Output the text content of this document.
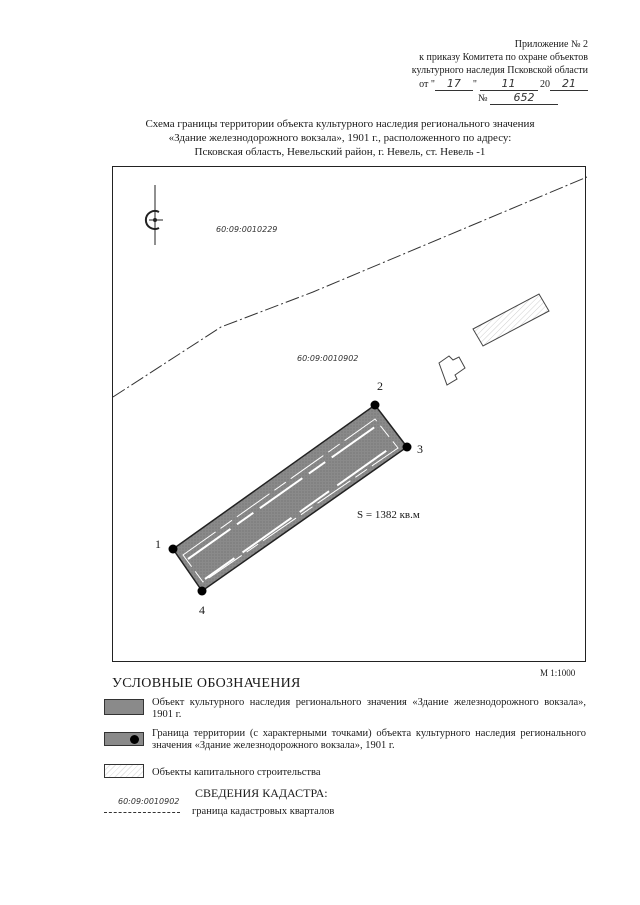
Приложение № 2
к приказу Комитета по охране объектов
культурного наследия Псковской области
от " 17 " 11 20 21
№ 652
Схема границы территории объекта культурного наследия регионального значения
«Здание железнодорожного вокзала», 1901 г., расположенного по адресу:
Псковская область, Невельский район, г. Невель, ст. Невель -1
60:09:0010229
60:09:0010902
1
2
3
4
S = 1382 кв.м
М 1:1000
УСЛОВНЫЕ ОБОЗНАЧЕНИЯ
Объект культурного наследия регионального значения «Здание железнодорожного вокзала», 1901 г.
Граница территории (с характерными точками) объекта культурного наследия регионального значения «Здание железнодорожного вокзала», 1901 г.
Объекты капитального строительства
СВЕДЕНИЯ КАДАСТРА:
60:09:0010902
граница кадастровых кварталов
